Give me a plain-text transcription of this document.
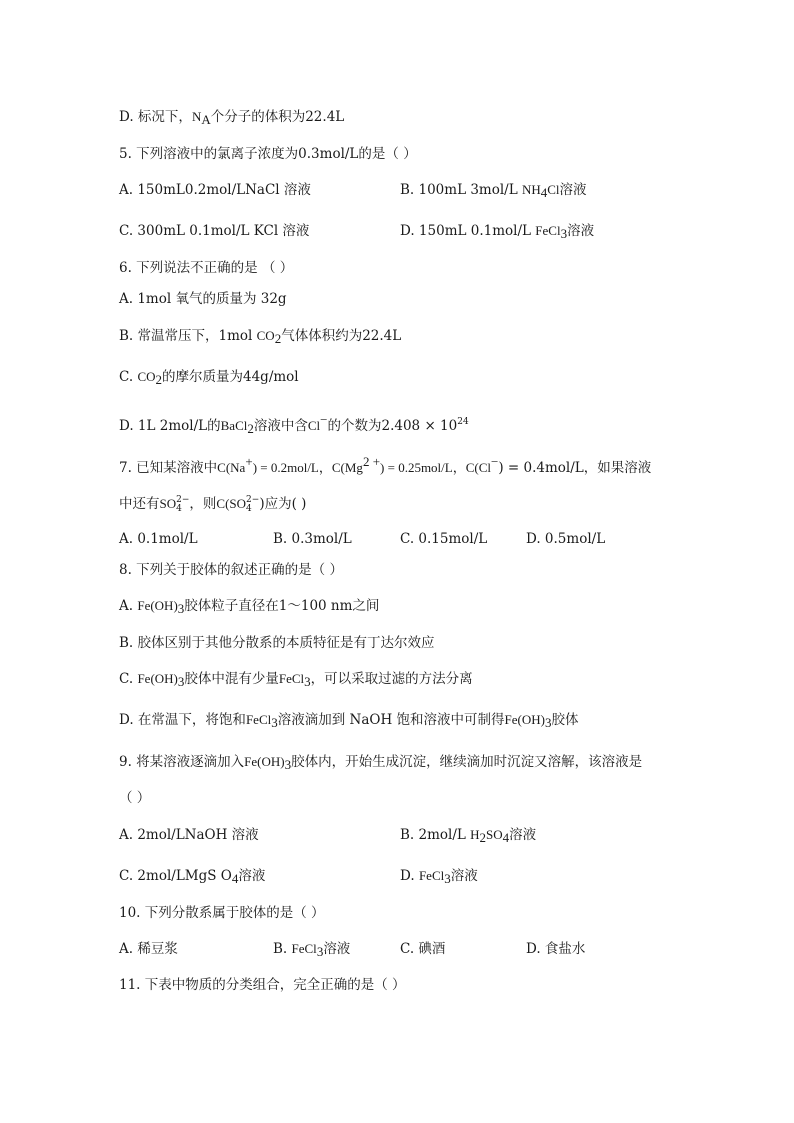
D. 标况下，NA个分子的体积为22.4L
5. 下列溶液中的氯离子浓度为0.3mol/L的是（ ）
A. 150mL0.2mol/LNaCl 溶液	B. 100mL 3mol/L NH4Cl溶液
C. 300mL 0.1mol/L KCl 溶液	D. 150mL 0.1mol/L FeCl3溶液
6. 下列说法不正确的是 （ ）
A. 1mol 氧气的质量为 32g
B. 常温常压下，1mol CO2气体体积约为22.4L
C. CO2的摩尔质量为44g/mol
D. 1L 2mol/L的BaCl2溶液中含Cl−的个数为$2.408 \times 10^{24}$
7. 已知某溶液中C(Na+) = 0.2mol/L，C(Mg2 +) = 0.25mol/L，C(Cl−) = 0.4mol/L，如果溶液
中还有SO 2−
4 ，则C(SO 2−
4 )应为( )
A. 0.1mol/L	B. 0.3mol/L	C. 0.15mol/L	D. 0.5mol/L
8. 下列关于胶体的叙述正确的是（ ）
A. Fe(OH)3胶体粒子直径在1～100 nm之间
B. 胶体区别于其他分散系的本质特征是有丁达尔效应
C. Fe(OH)3胶体中混有少量FeCl3，可以采取过滤的方法分离
D. 在常温下，将饱和FeCl3溶液滴加到 NaOH 饱和溶液中可制得Fe(OH)3胶体
9. 将某溶液逐滴加入Fe(OH)3胶体内，开始生成沉淀，继续滴加时沉淀又溶解，该溶液是
（ ）
A. 2mol/LNaOH 溶液	B. 2mol/L H2SO4溶液
C. 2mol/LMgS O4溶液	D. FeCl3溶液
10. 下列分散系属于胶体的是（ ）
A. 稀豆浆	B. FeCl3溶液	C. 碘酒	D. 食盐水
11. 下表中物质的分类组合，完全正确的是（ ）
